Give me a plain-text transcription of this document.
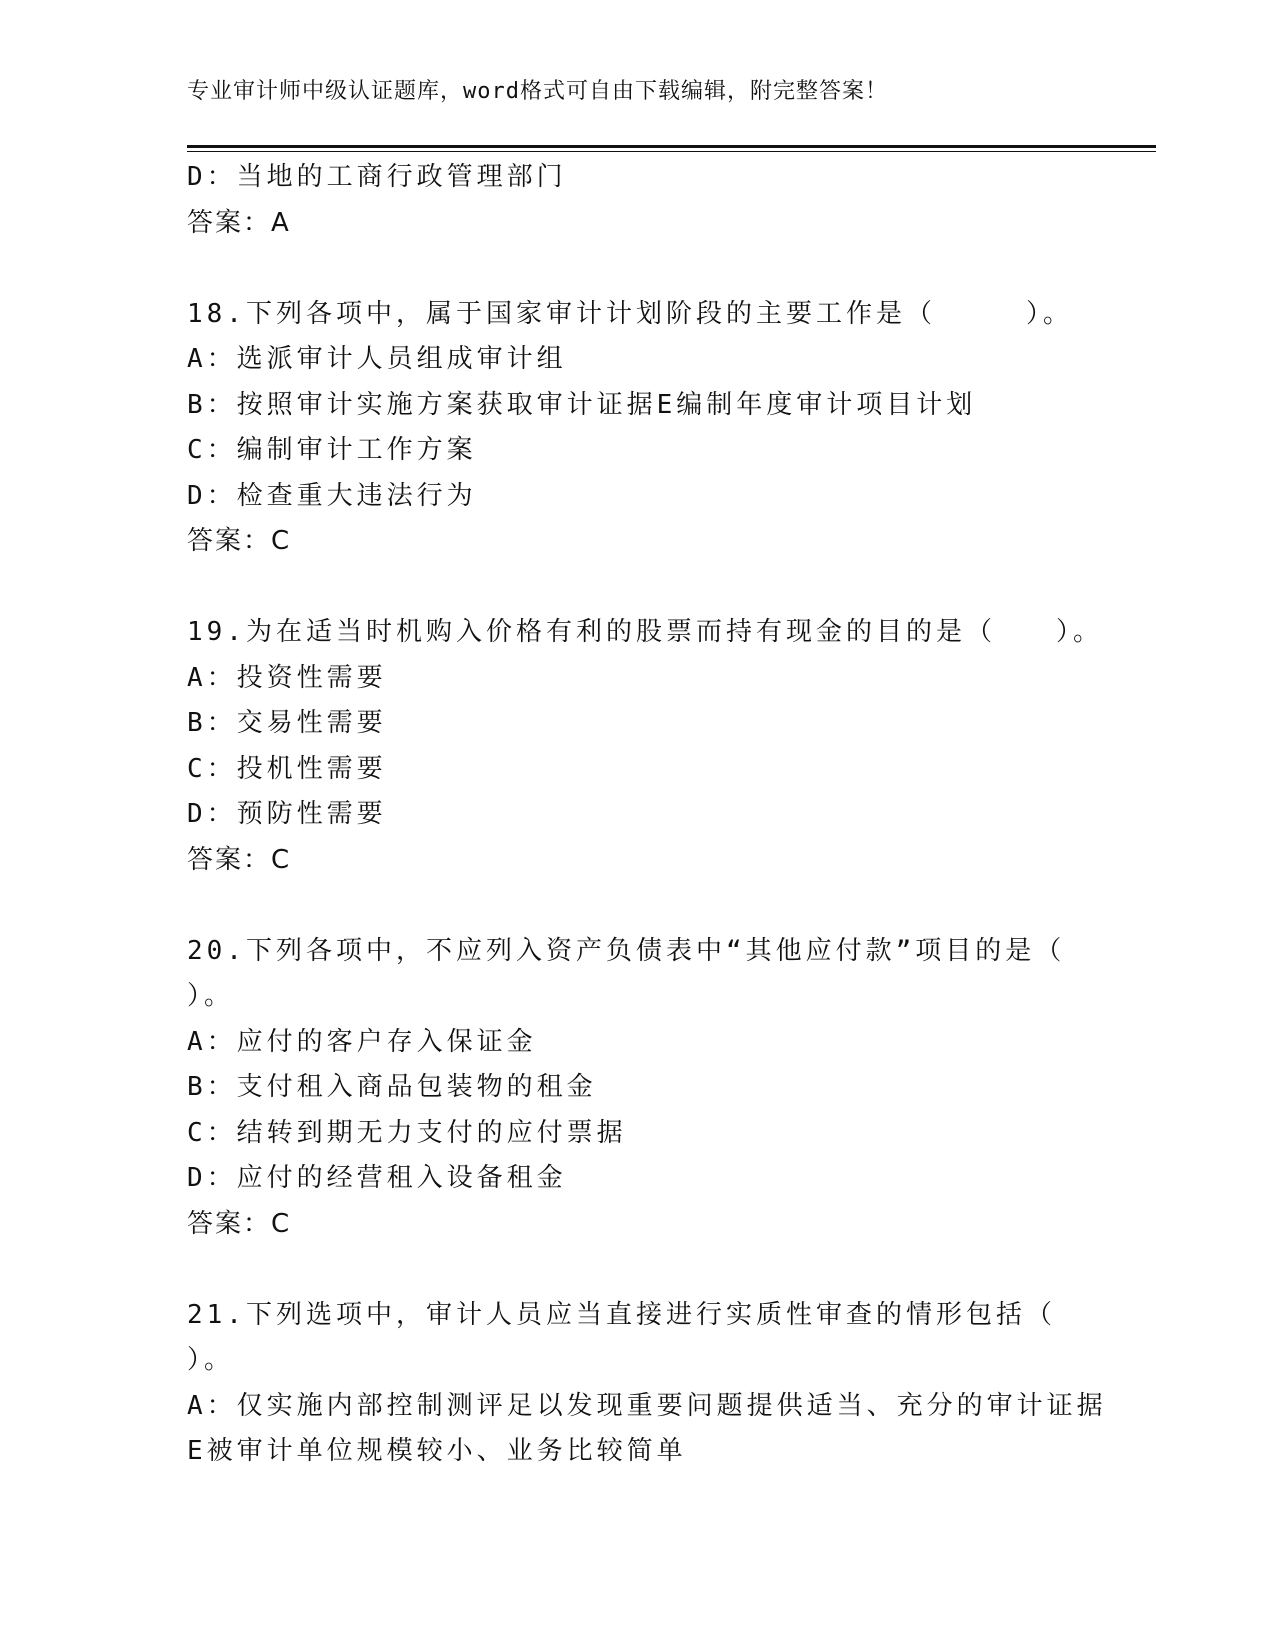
专业审计师中级认证题库，word格式可自由下载编辑，附完整答案！
D：当地的工商行政管理部门
答案：A
18.下列各项中，属于国家审计计划阶段的主要工作是（　　　）。
A：选派审计人员组成审计组
B：按照审计实施方案获取审计证据E编制年度审计项目计划
C：编制审计工作方案
D：检查重大违法行为
答案：C
19.为在适当时机购入价格有利的股票而持有现金的目的是（　　）。
A：投资性需要
B：交易性需要
C：投机性需要
D：预防性需要
答案：C
20.下列各项中，不应列入资产负债表中“其他应付款”项目的是（
）。
A：应付的客户存入保证金
B：支付租入商品包装物的租金
C：结转到期无力支付的应付票据
D：应付的经营租入设备租金
答案：C
21.下列选项中，审计人员应当直接进行实质性审查的情形包括（
）。
A：仅实施内部控制测评足以发现重要问题提供适当、充分的审计证据
E被审计单位规模较小、业务比较简单
